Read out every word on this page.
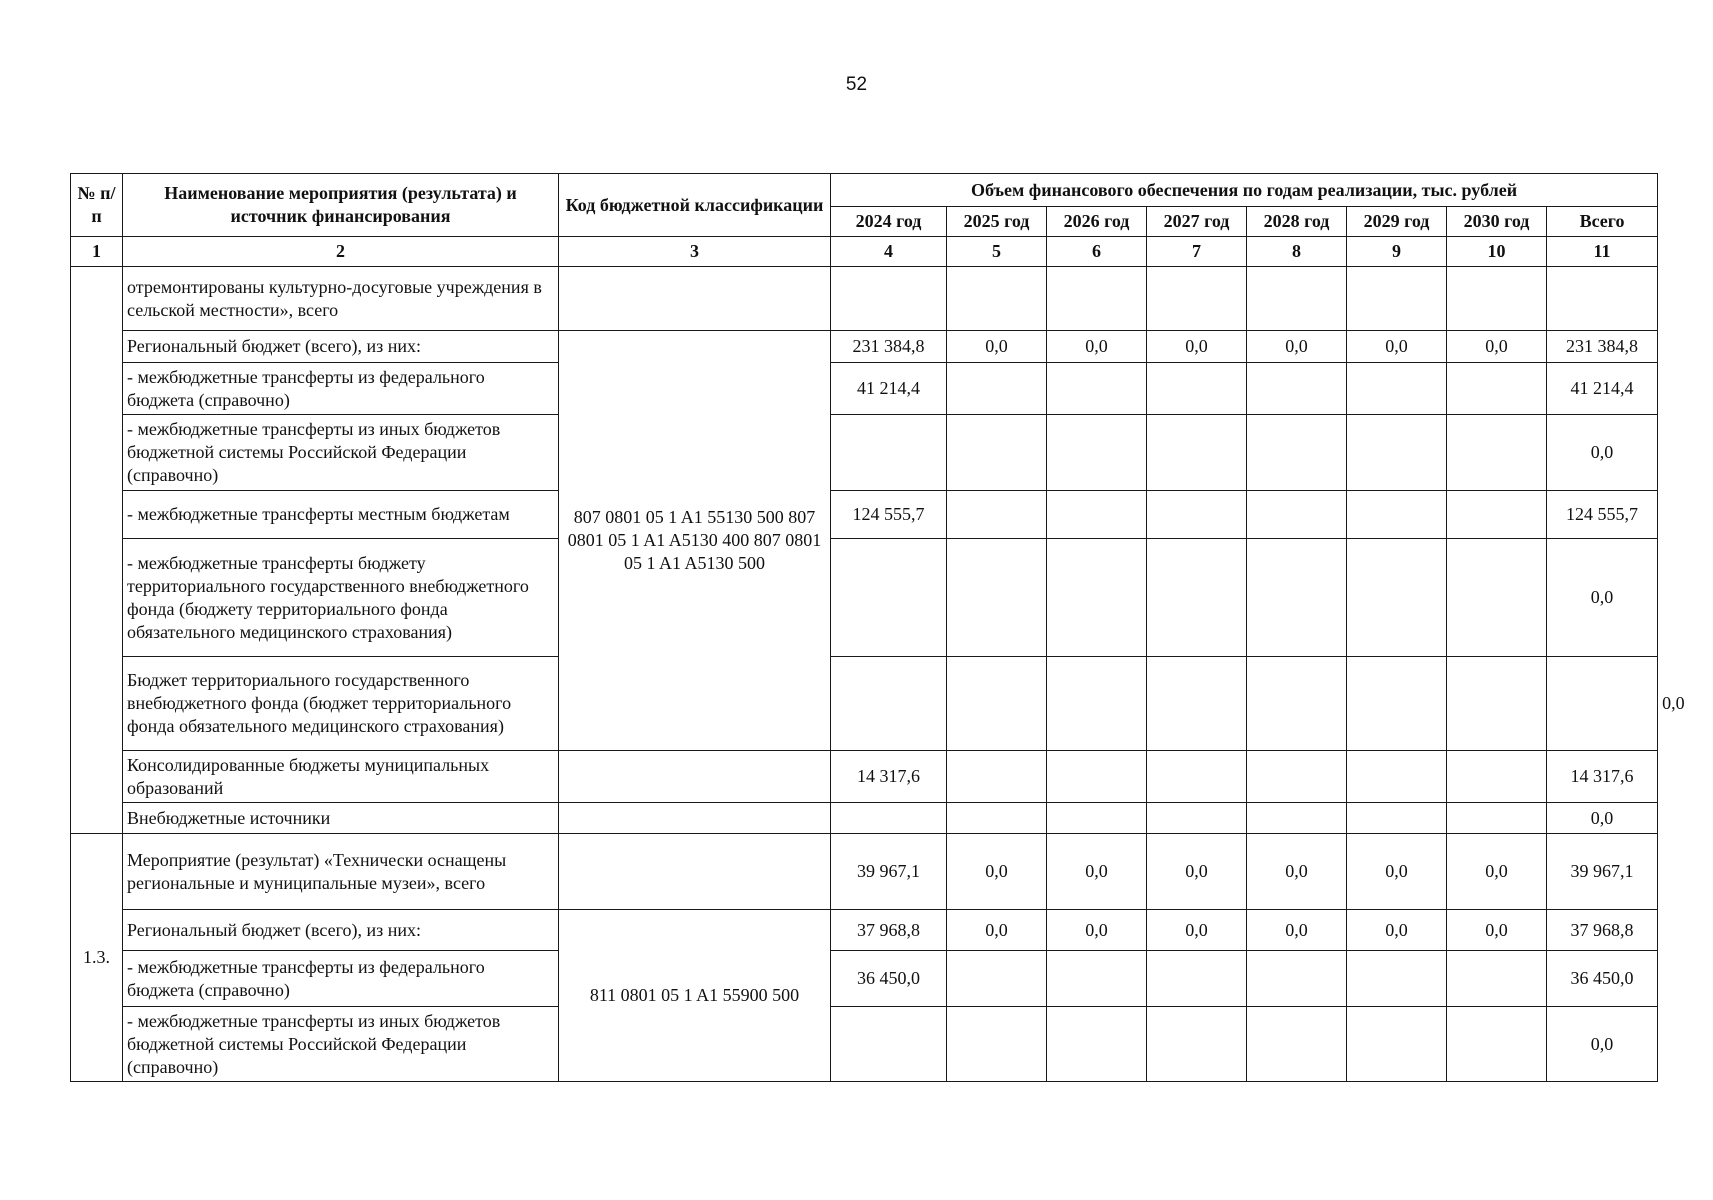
52
№ п/п	Наименование мероприятия (результата) и источник финансирования	Код бюджетной классификации	Объем финансового обеспечения по годам реализации, тыс. рублей								
			2024 год	2025 год	2026 год	2027 год	2028 год	2029 год	2030 год	Всего	
1	2	3	4	5	6	7	8	9	10	11	
	отремонтированы культурно-досуговые учреждения в сельской местности», всего										
	Региональный бюджет (всего), из них:	807 0801 05 1 A1 55130 500 807 0801 05 1 A1 A5130 400 807 0801 05 1 A1 A5130 500	231 384,8	0,0	0,0	0,0	0,0	0,0	0,0	231 384,8	
	- межбюджетные трансферты из федерального бюджета (справочно)		41 214,4							41 214,4	
	- межбюджетные трансферты из иных бюджетов бюджетной системы Российской Федерации (справочно)									0,0	
	- межбюджетные трансферты местным бюджетам		124 555,7							124 555,7	
	- межбюджетные трансферты бюджету территориального государственного внебюджетного фонда (бюджету территориального фонда обязательного медицинского страхования)									0,0	
	Бюджет территориального государственного внебюджетного фонда (бюджет территориального фонда обязательного медицинского страхования)										0,0
	Консолидированные бюджеты муниципальных образований		14 317,6							14 317,6	
	Внебюджетные источники									0,0	
1.3.	Мероприятие (результат) «Технически оснащены региональные и муниципальные музеи», всего		39 967,1	0,0	0,0	0,0	0,0	0,0	0,0	39 967,1	
	Региональный бюджет (всего), из них:	811 0801 05 1 A1 55900 500	37 968,8	0,0	0,0	0,0	0,0	0,0	0,0	37 968,8	
	- межбюджетные трансферты из федерального бюджета (справочно)		36 450,0							36 450,0	
	- межбюджетные трансферты из иных бюджетов бюджетной системы Российской Федерации (справочно)									0,0	
